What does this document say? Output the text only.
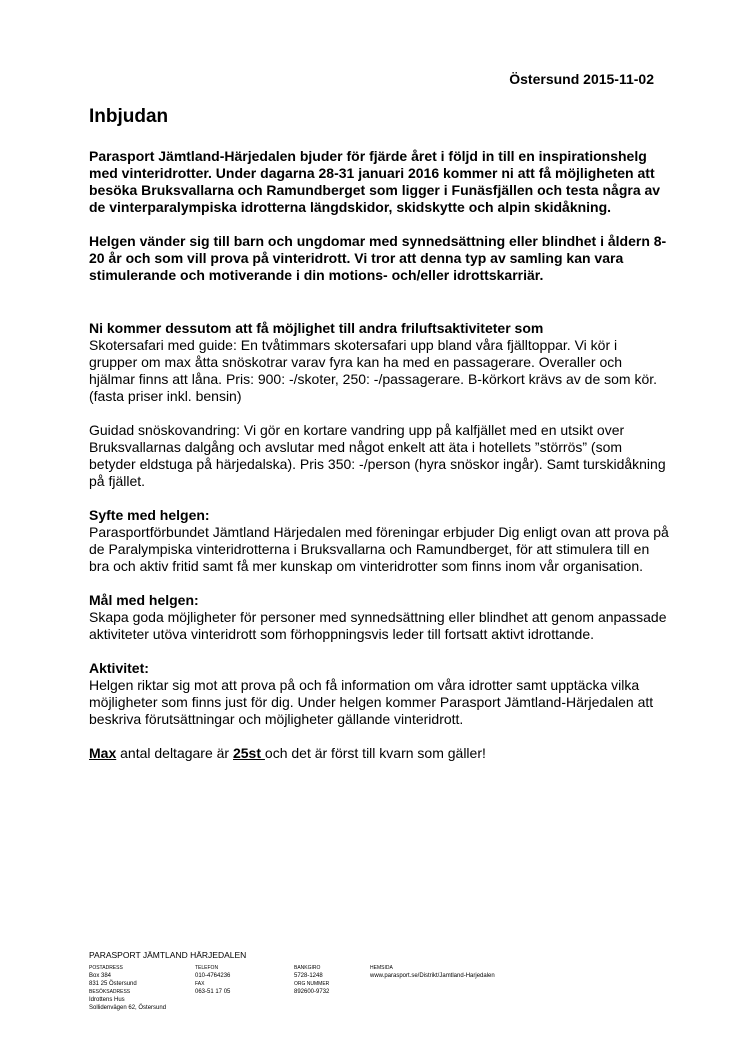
Östersund 2015-11-02
Inbjudan

Parasport Jämtland-Härjedalen bjuder för fjärde året i följd in till en inspirationshelg med vinteridrotter. Under dagarna 28-31 januari 2016 kommer ni att få möjligheten att besöka Bruksvallarna och Ramundberget som ligger i Funäsfjällen och testa några av de vinterparalympiska idrotterna längdskidor, skidskytte och alpin skidåkning.

Helgen vänder sig till barn och ungdomar med synnedsättning eller blindhet i åldern 8-20 år och som vill prova på vinteridrott. Vi tror att denna typ av samling kan vara stimulerande och motiverande i din motions- och/eller idrottskarriär.

Ni kommer dessutom att få möjlighet till andra friluftsaktiviteter som

Skotersafari med guide: En tvåtimmars skotersafari upp bland våra fjälltoppar. Vi kör i grupper om max åtta snöskotrar varav fyra kan ha med en passagerare. Overaller och hjälmar finns att låna. Pris: 900: -/skoter, 250: -/passagerare. B-körkort krävs av de som kör. (fasta priser inkl. bensin)

Guidad snöskovandring: Vi gör en kortare vandring upp på kalfjället med en utsikt over Bruksvallarnas dalgång och avslutar med något enkelt att äta i hotellets ”störrös” (som betyder eldstuga på härjedalska). Pris 350: -/person (hyra snöskor ingår). Samt turskidåkning på fjället.

Syfte med helgen:

Parasportförbundet Jämtland Härjedalen med föreningar erbjuder Dig enligt ovan att prova på de Paralympiska vinteridrotterna i Bruksvallarna och Ramundberget, för att stimulera till en bra och aktiv fritid samt få mer kunskap om vinteridrotter som finns inom vår organisation.

Mål med helgen:

Skapa goda möjligheter för personer med synnedsättning eller blindhet att genom anpassade aktiviteter utöva vinteridrott som förhoppningsvis leder till fortsatt aktivt idrottande.

Aktivitet:

Helgen riktar sig mot att prova på och få information om våra idrotter samt upptäcka vilka möjligheter som finns just för dig. Under helgen kommer Parasport Jämtland-Härjedalen att beskriva förutsättningar och möjligheter gällande vinteridrott.

Max antal deltagare är 25st och det är först till kvarn som gäller!

PARASPORT JÄMTLAND HÄRJEDALEN
POSTADRESS
Box 384
831 25 Östersund
BESÖKSADRESS
Idrottens Hus
Sollidenvägen 62, Östersund
TELEFON
010-4764236
FAX
063-51 17 05
BANKGIRO
5728-1248
ORG NUMMER
892600-9732
HEMSIDA
www.parasport.se/Distrikt/Jamtland-Harjedalen
